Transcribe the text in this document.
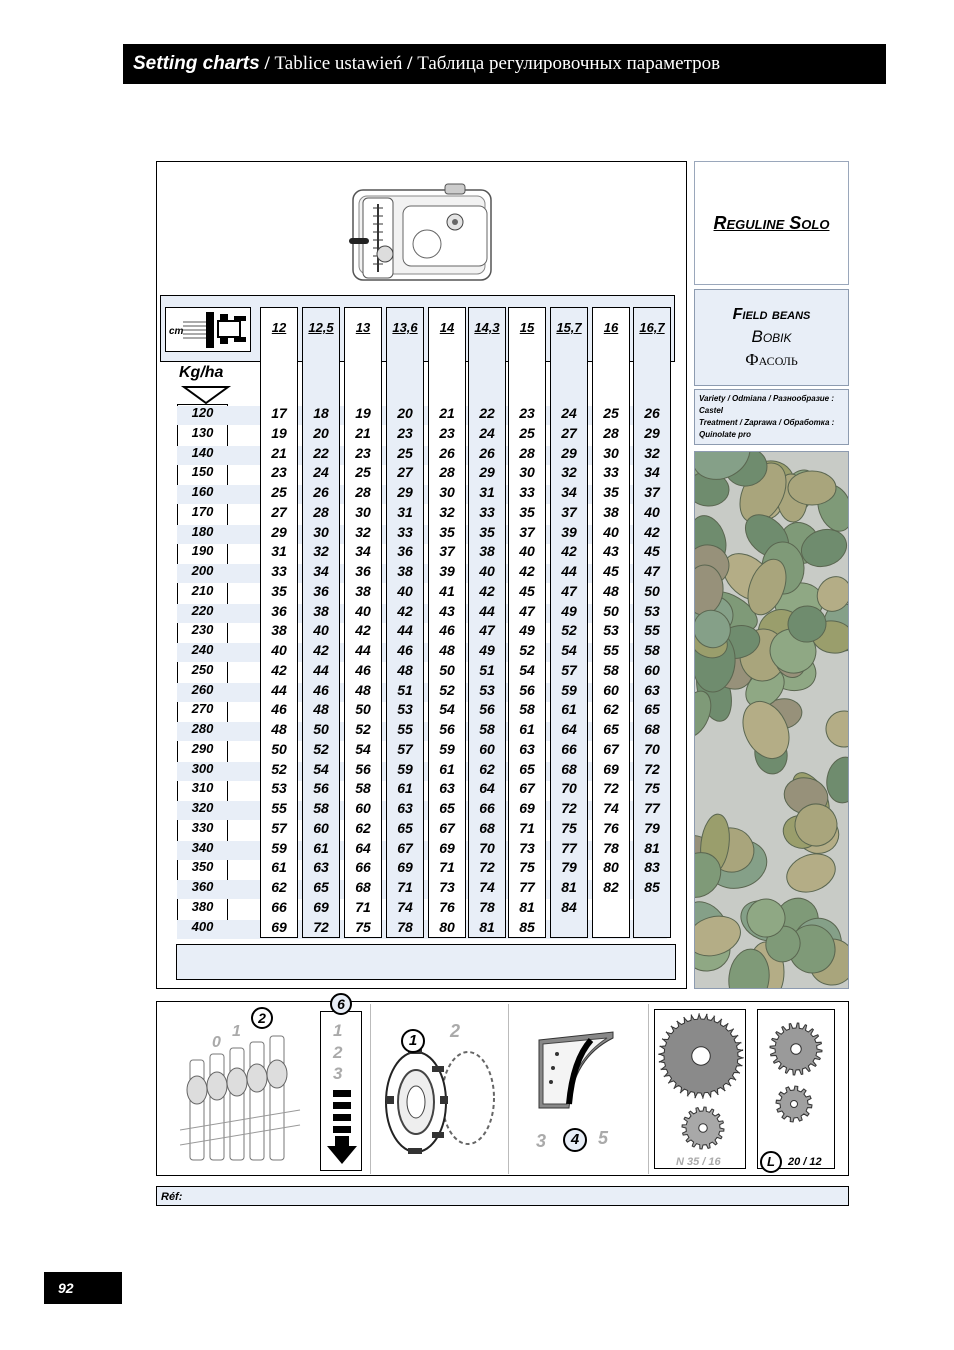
Setting charts / Tablice ustawień / Таблица регулировочных параметров
cm
Kg/ha
12	12,5	13	13,6	14	14,3	15	15,7	16	16,7
120	17	18	19	20	21	22	23	24	25	26
130	19	20	21	23	23	24	25	27	28	29
140	21	22	23	25	26	26	28	29	30	32
150	23	24	25	27	28	29	30	32	33	34
160	25	26	28	29	30	31	33	34	35	37
170	27	28	30	31	32	33	35	37	38	40
180	29	30	32	33	35	35	37	39	40	42
190	31	32	34	36	37	38	40	42	43	45
200	33	34	36	38	39	40	42	44	45	47
210	35	36	38	40	41	42	45	47	48	50
220	36	38	40	42	43	44	47	49	50	53
230	38	40	42	44	46	47	49	52	53	55
240	40	42	44	46	48	49	52	54	55	58
250	42	44	46	48	50	51	54	57	58	60
260	44	46	48	51	52	53	56	59	60	63
270	46	48	50	53	54	56	58	61	62	65
280	48	50	52	55	56	58	61	64	65	68
290	50	52	54	57	59	60	63	66	67	70
300	52	54	56	59	61	62	65	68	69	72
310	53	56	58	61	63	64	67	70	72	75
320	55	58	60	63	65	66	69	72	74	77
330	57	60	62	65	67	68	71	75	76	79
340	59	61	64	67	69	70	73	77	78	81
350	61	63	66	69	71	72	75	79	80	83
360	62	65	68	71	73	74	77	81	82	85
380	66	69	71	74	76	78	81	84
400	69	72	75	78	80	81	85
Reguline Solo
Field beans
Bobik
Фасоль
Variety / Odmiana / Разнообразие :
Castel
Treatment / Zaprawa / Обработка :
Quinolate pro
0
1
2
6
1
2
3
1	2
3	4	5
N 35 / 16	L	20 / 12
Réf:
92
